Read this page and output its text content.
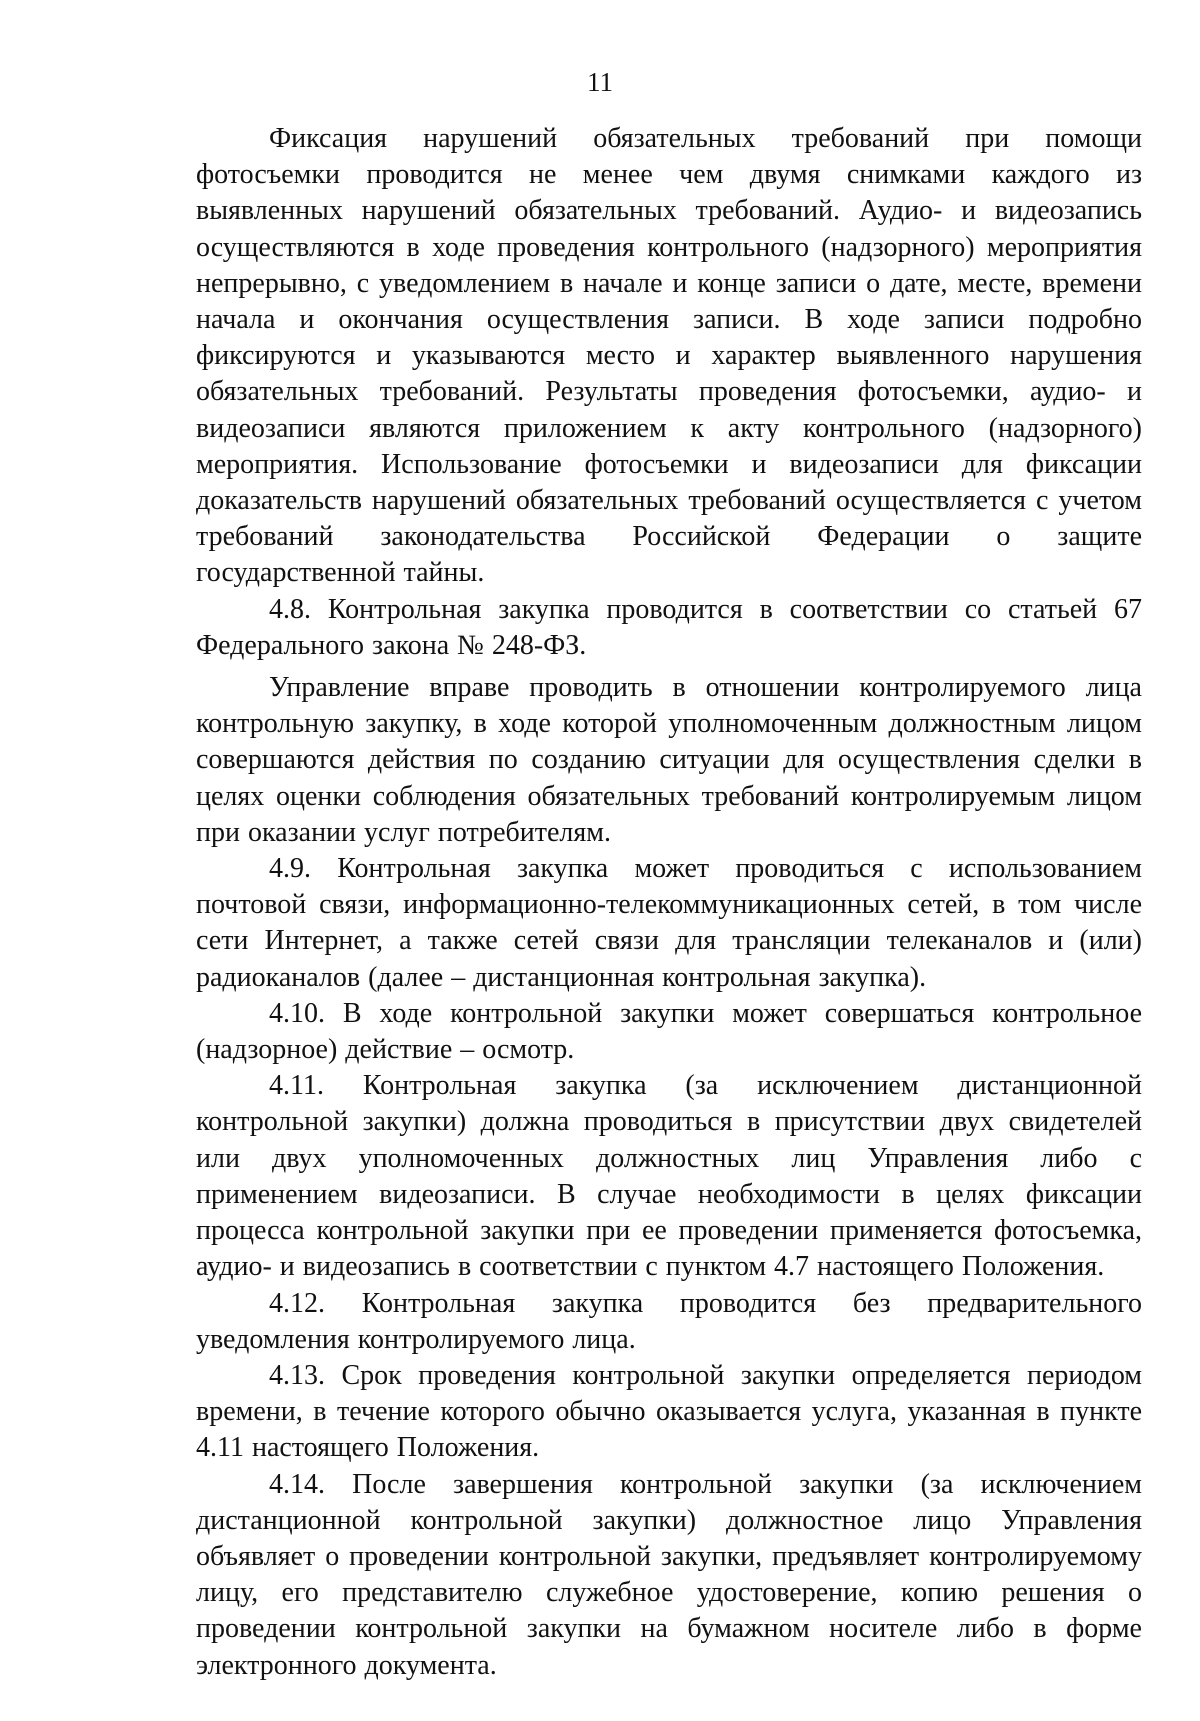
11

Фиксация нарушений обязательных требований при помощи фотосъемки проводится не менее чем двумя снимками каждого из выявленных нарушений обязательных требований. Аудио- и видеозапись осуществляются в ходе проведения контрольного (надзорного) мероприятия непрерывно, с уведомлением в начале и конце записи о дате, месте, времени начала и окончания осуществления записи. В ходе записи подробно фиксируются и указываются место и характер выявленного нарушения обязательных требований. Результаты проведения фотосъемки, аудио- и видеозаписи являются приложением к акту контрольного (надзорного) мероприятия. Использование фотосъемки и видеозаписи для фиксации доказательств нарушений обязательных требований осуществляется с учетом требований законодательства Российской Федерации о защите государственной тайны.

4.8. Контрольная закупка проводится в соответствии со статьей 67 Федерального закона № 248-ФЗ.

Управление вправе проводить в отношении контролируемого лица контрольную закупку, в ходе которой уполномоченным должностным лицом совершаются действия по созданию ситуации для осуществления сделки в целях оценки соблюдения обязательных требований контролируемым лицом при оказании услуг потребителям.

4.9. Контрольная закупка может проводиться с использованием почтовой связи, информационно-телекоммуникационных сетей, в том числе сети Интернет, а также сетей связи для трансляции телеканалов и (или) радиоканалов (далее – дистанционная контрольная закупка).

4.10. В ходе контрольной закупки может совершаться контрольное (надзорное) действие – осмотр.

4.11. Контрольная закупка (за исключением дистанционной контрольной закупки) должна проводиться в присутствии двух свидетелей или двух уполномоченных должностных лиц Управления либо с применением видеозаписи. В случае необходимости в целях фиксации процесса контрольной закупки при ее проведении применяется фотосъемка, аудио- и видеозапись в соответствии с пунктом 4.7 настоящего Положения.

4.12. Контрольная закупка проводится без предварительного уведомления контролируемого лица.

4.13. Срок проведения контрольной закупки определяется периодом времени, в течение которого обычно оказывается услуга, указанная в пункте 4.11 настоящего Положения.

4.14. После завершения контрольной закупки (за исключением дистанционной контрольной закупки) должностное лицо Управления объявляет о проведении контрольной закупки, предъявляет контролируемому лицу, его представителю служебное удостоверение, копию решения о проведении контрольной закупки на бумажном носителе либо в форме электронного документа.
